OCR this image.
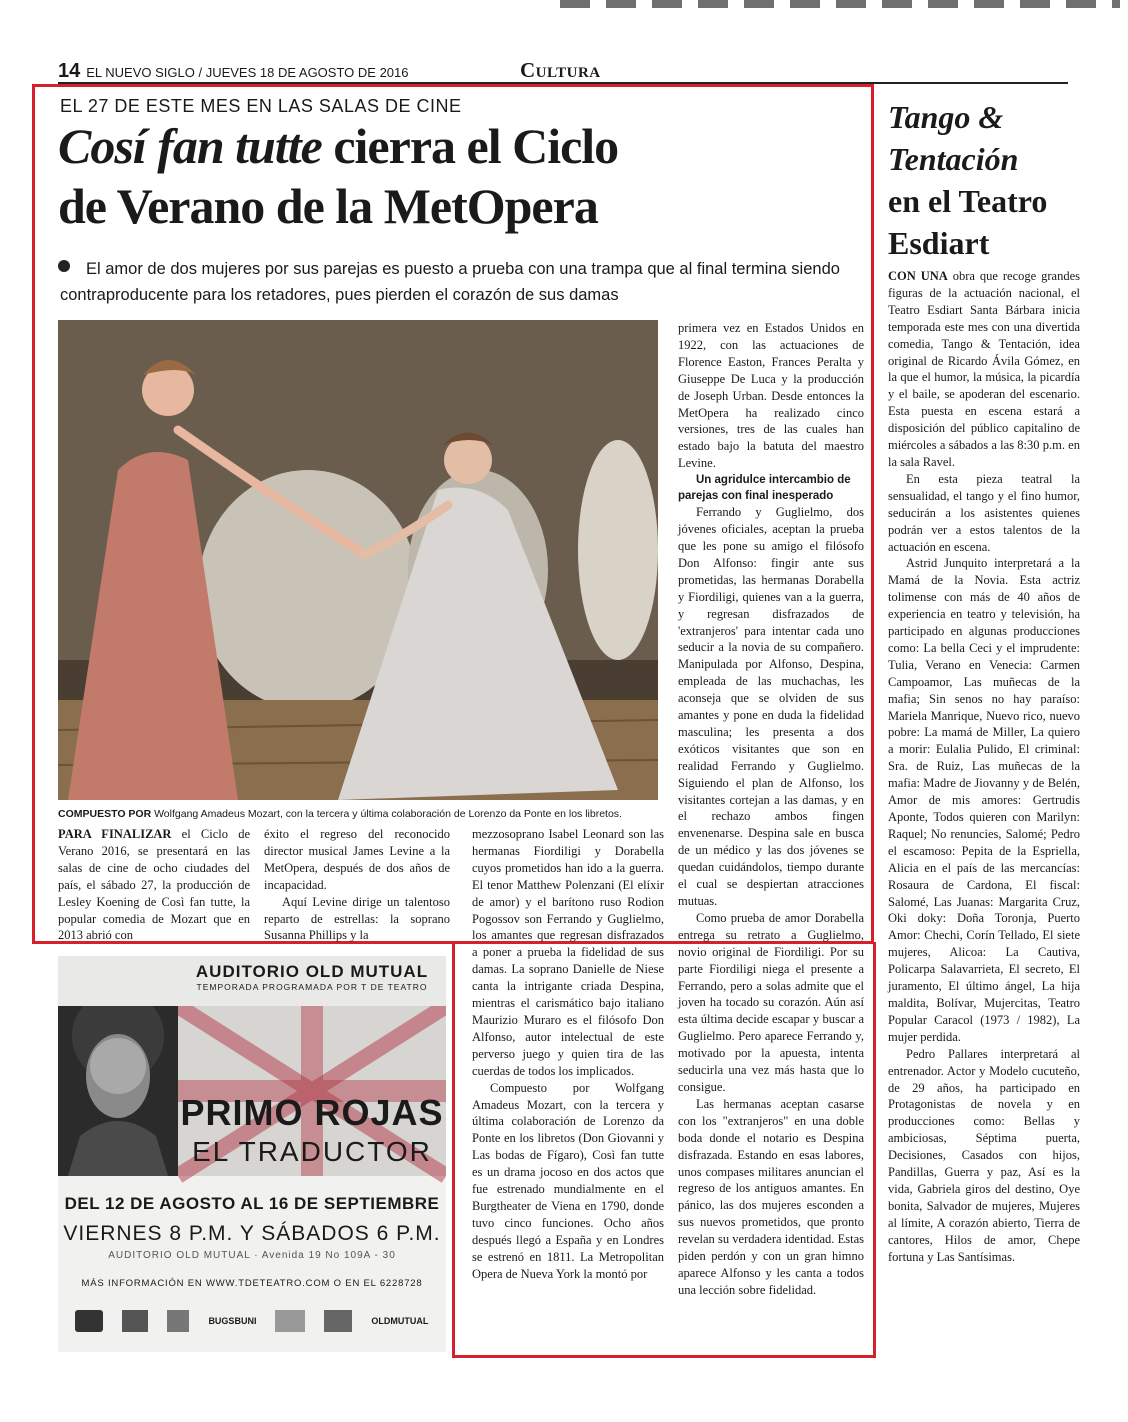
14 EL NUEVO SIGLO / JUEVES 18 DE AGOSTO DE 2016	Cultura
EL 27 DE ESTE MES EN LAS SALAS DE CINE
Cosí fan tutte cierra el Ciclo
de Verano de la MetOpera

El amor de dos mujeres por sus parejas es puesto a prueba con una trampa que al final termina siendo contraproducente para los retadores, pues pierden el corazón de sus damas

COMPUESTO POR Wolfgang Amadeus Mozart, con la tercera y última colaboración de Lorenzo da Ponte en los libretos.

PARA FINALIZAR el Ciclo de Verano 2016, se presentará en las salas de cine de ocho ciudades del país, el sábado 27, la producción de Lesley Koening de Così fan tutte, la popular comedia de Mozart que en 2013 abrió con

éxito el regreso del reconocido director musical James Levine a la MetOpera, después de dos años de incapacidad.

Aquí Levine dirige un talentoso reparto de estrellas: la soprano Susanna Phillips y la

mezzosoprano Isabel Leonard son las hermanas Fiordiligi y Dorabella cuyos prometidos han ido a la guerra. El tenor Matthew Polenzani (El elíxir de amor) y el barítono ruso Rodion Pogossov son Ferrando y Guglielmo, los amantes que regresan disfrazados a poner a prueba la fidelidad de sus damas. La soprano Danielle de Niese canta la intrigante criada Despina, mientras el carismático bajo italiano Maurizio Muraro es el filósofo Don Alfonso, autor intelectual de este perverso juego y quien tira de las cuerdas de todos los implicados.

Compuesto por Wolfgang Amadeus Mozart, con la tercera y última colaboración de Lorenzo da Ponte en los libretos (Don Giovanni y Las bodas de Fígaro), Così fan tutte es un drama jocoso en dos actos que fue estrenado mundialmente en el Burgtheater de Viena en 1790, donde tuvo cinco funciones. Ocho años después llegó a España y en Londres se estrenó en 1811. La Metropolitan Opera de Nueva York la montó por

primera vez en Estados Unidos en 1922, con las actuaciones de Florence Easton, Frances Peralta y Giuseppe De Luca y la producción de Joseph Urban. Desde entonces la MetOpera ha realizado cinco versiones, tres de las cuales han estado bajo la batuta del maestro Levine.

Un agridulce intercambio de parejas con final inesperado

Ferrando y Guglielmo, dos jóvenes oficiales, aceptan la prueba que les pone su amigo el filósofo Don Alfonso: fingir ante sus prometidas, las hermanas Dorabella y Fiordiligi, quienes van a la guerra, y regresan disfrazados de 'extranjeros' para intentar cada uno seducir a la novia de su compañero. Manipulada por Alfonso, Despina, empleada de las muchachas, les aconseja que se olviden de sus amantes y pone en duda la fidelidad masculina; les presenta a dos exóticos visitantes que son en realidad Ferrando y Guglielmo. Siguiendo el plan de Alfonso, los visitantes cortejan a las damas, y en el rechazo ambos fingen envenenarse. Despina sale en busca de un médico y las dos jóvenes se quedan cuidándolos, tiempo durante el cual se despiertan atracciones mutuas.

Como prueba de amor Dorabella entrega su retrato a Guglielmo, novio original de Fiordiligi. Por su parte Fiordiligi niega el presente a Ferrando, pero a solas admite que el joven ha tocado su corazón. Aún así esta última decide escapar y buscar a Guglielmo. Pero aparece Ferrando y, motivado por la apuesta, intenta seducirla una vez más hasta que lo consigue.

Las hermanas aceptan casarse con los "extranjeros" en una doble boda donde el notario es Despina disfrazada. Estando en esas labores, unos compases militares anuncian el regreso de los antiguos amantes. En pánico, las dos mujeres esconden a sus nuevos prometidos, que pronto revelan su verdadera identidad. Estas piden perdón y con un gran himno aparece Alfonso y les canta a todos una lección sobre fidelidad.

Tango &
Tentación
en el Teatro
Esdiart

CON UNA obra que recoge grandes figuras de la actuación nacional, el Teatro Esdiart Santa Bárbara inicia temporada este mes con una divertida comedia, Tango & Tentación, idea original de Ricardo Ávila Gómez, en la que el humor, la música, la picardía y el baile, se apoderan del escenario. Esta puesta en escena estará a disposición del público capitalino de miércoles a sábados a las 8:30 p.m. en la sala Ravel.

En esta pieza teatral la sensualidad, el tango y el fino humor, seducirán a los asistentes quienes podrán ver a estos talentos de la actuación en escena.

Astrid Junquito interpretará a la Mamá de la Novia. Esta actriz tolimense con más de 40 años de experiencia en teatro y televisión, ha participado en algunas producciones como: La bella Ceci y el imprudente: Tulia, Verano en Venecia: Carmen Campoamor, Las muñecas de la mafia; Sin senos no hay paraíso: Mariela Manrique, Nuevo rico, nuevo pobre: La mamá de Miller, La quiero a morir: Eulalia Pulido, El criminal: Sra. de Ruiz, Las muñecas de la mafia: Madre de Jiovanny y de Belén, Amor de mis amores: Gertrudis Aponte, Todos quieren con Marilyn: Raquel; No renuncies, Salomé; Pedro el escamoso: Pepita de la Espriella, Alicia en el país de las mercancías: Rosaura de Cardona, El fiscal: Salomé, Las Juanas: Margarita Cruz, Oki doky: Doña Toronja, Puerto Amor: Chechi, Corín Tellado, El siete mujeres, Alicoa: La Cautiva, Policarpa Salavarrieta, El secreto, El juramento, El último ángel, La hija maldita, Bolívar, Mujercitas, Teatro Popular Caracol (1973 / 1982), La mujer perdida.

Pedro Pallares interpretará al entrenador. Actor y Modelo cucuteño, de 29 años, ha participado en Protagonistas de novela y en producciones como: Bellas y ambiciosas, Séptima puerta, Decisiones, Casados con hijos, Pandillas, Guerra y paz, Así es la vida, Gabriela giros del destino, Oye bonita, Salvador de mujeres, Mujeres al límite, A corazón abierto, Tierra de cantores, Hilos de amor, Chepe fortuna y Las Santísimas.

AUDITORIO OLD MUTUAL
TEMPORADA PROGRAMADA POR T DE TEATRO
PRIMO ROJAS
EL TRADUCTOR
DEL 12 DE AGOSTO AL 16 DE SEPTIEMBRE
VIERNES 8 P.M. Y SÁBADOS 6 P.M.
AUDITORIO OLD MUTUAL · Avenida 19 No 109A - 30
MÁS INFORMACIÓN EN WWW.TDETEATRO.COM O EN EL 6228728
BUGSBUNI	OLDMUTUAL
